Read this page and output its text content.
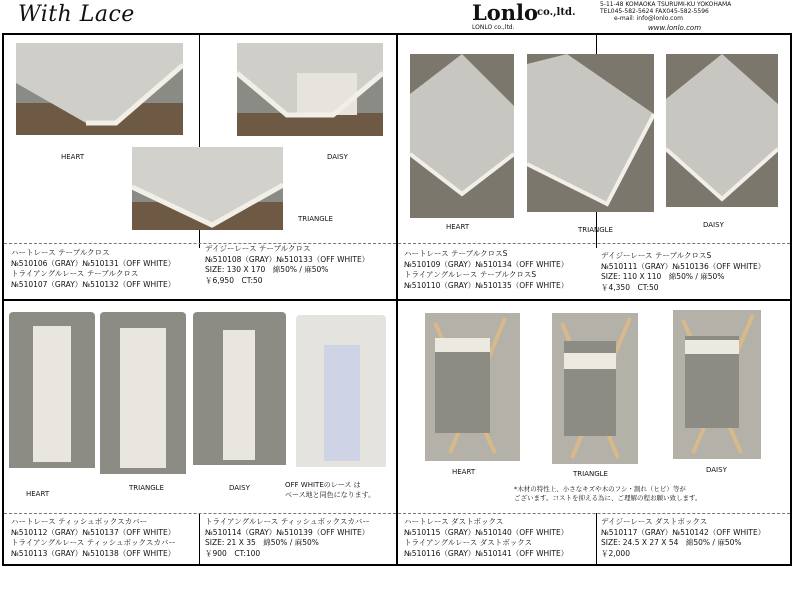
With Lace	Lonlo
co.,ltd.
LONLO co.,ltd.
5-11-48 KOMAOKA TSURUMI-KU YOKOHAMA
TEL045-582-5624 FAX045-582-5596
e-mail: info@lonlo.com
www.lonlo.com
HEART	DAISY
TRIANGLE
ハートレース テーブルクロス
№510106（GRAY）№510131（OFF WHITE）
トライアングルレース テーブルクロス
№510107（GRAY）№510132（OFF WHITE）
デイジーレース テーブルクロス
№510108（GRAY）№510133（OFF WHITE）
SIZE: 130 X 170　綿50% / 麻50%
￥6,950　CT:50
HEART	TRIANGLE
DAISY
ハートレース テーブルクロスS
№510109（GRAY）№510134（OFF WHITE）
トライアングルレース テーブルクロスS
№510110（GRAY）№510135（OFF WHITE）
デイジーレース テーブルクロスS
№510111（GRAY）№510136（OFF WHITE）
SIZE: 110 X 110　綿50% / 麻50%
￥4,350　CT:50
HEART
TRIANGLE	DAISY	OFF WHITEのレース は
ベース地と同色になります。
ハートレース ティッシュボックスカバー
№510112（GRAY）№510137（OFF WHITE）
トライアングルレース ティッシュボックスカバー
№510113（GRAY）№510138（OFF WHITE）
トライアングルレース ティッシュボックスカバー
№510114（GRAY）№510139（OFF WHITE）
SIZE: 21 X 35　綿50% / 麻50%
￥900　CT:100
HEART	TRIANGLE	DAISY
*木材の特性上、小さなキズや木のフシ・割れ（ヒビ）等が
ございます。コストを抑える為に、ご理解の程お願い致します。
ハートレース ダストボックス
№510115（GRAY）№510140（OFF WHITE）
トライアングルレース ダストボックス
№510116（GRAY）№510141（OFF WHITE）
デイジーレース ダストボックス
№510117（GRAY）№510142（OFF WHITE）
SIZE: 24.5 X 27 X 54　綿50% / 麻50%
￥2,000
